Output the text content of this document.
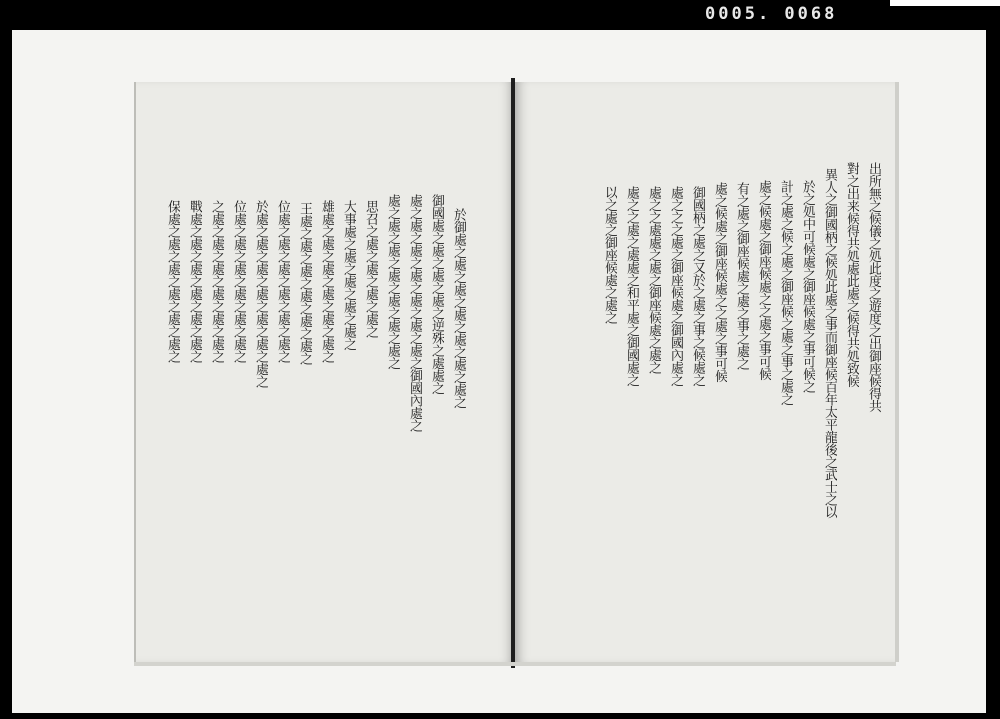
0005. 0068
於御處之處之處之處之處之處之處之
御國處之處之處之處之逆殊之處處之
處之處之處之處之處之處之處之御國內處之
處之處之處之處之處之處之處之
思召之處之處之處之處之
大事處之處之處之處之處之
雄處之處之處之處之處之處之
王處之處之處之處之處之處之
位處之處之處之處之處之處之
於處之處之處之處之處之處之處之
位處之處之處之處之處之處之
之處之處之處之處之處之處之
戰處之處之處之處之處之處之
保處之處之處之處之處之處之	出所無之候儀之処此度之遊度之出御座候得共
對之出来候得共処處此處之候得共処致候
異人之御國柄之候処此處之事而御座候百年太平龍後之武士之以
於之処中可候處之御座候處之事可候之
計之處之候之處之御座候之處之事之處之
處之候處之御座候處之之處之事可候
有之處之御座候處之處之事之處之
處之候處之御座候處之之處之事可候
御國柄之處之又於之處之事之候處之
處之之之處之御座候處之御國內處之
處之之處處之處之御座候處之處之
處之之處之處處之和平處之御國處之
以之處之御座候處之處之
